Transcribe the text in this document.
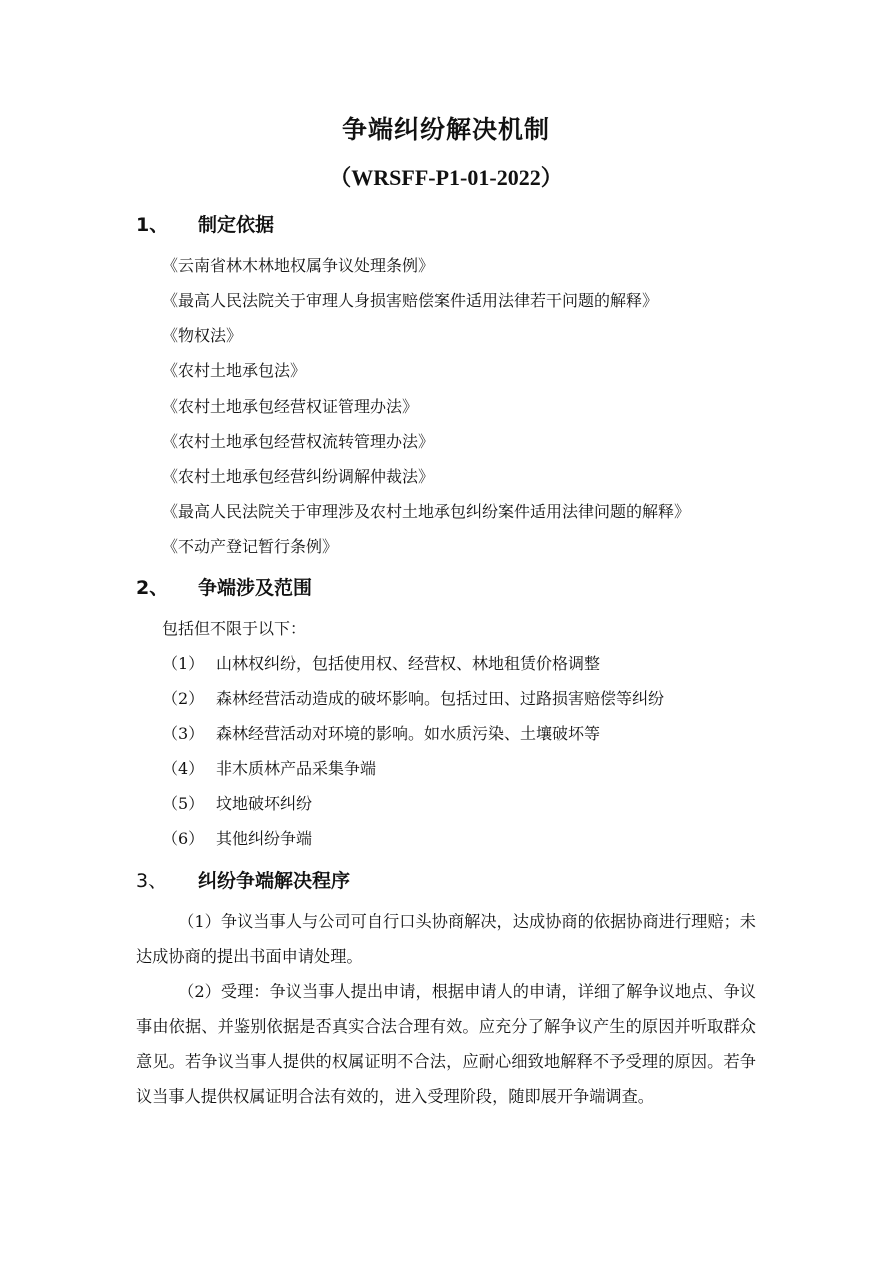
争端纠纷解决机制
（WRSFF-P1-01-2022）
1、 制定依据
《云南省林木林地权属争议处理条例》
《最高人民法院关于审理人身损害赔偿案件适用法律若干问题的解释》
《物权法》
《农村土地承包法》
《农村土地承包经营权证管理办法》
《农村土地承包经营权流转管理办法》
《农村土地承包经营纠纷调解仲裁法》
《最高人民法院关于审理涉及农村土地承包纠纷案件适用法律问题的解释》
《不动产登记暂行条例》
2、 争端涉及范围
包括但不限于以下：
（1） 山林权纠纷，包括使用权、经营权、林地租赁价格调整
（2） 森林经营活动造成的破坏影响。包括过田、过路损害赔偿等纠纷
（3） 森林经营活动对环境的影响。如水质污染、土壤破坏等
（4） 非木质林产品采集争端
（5） 坟地破坏纠纷
（6） 其他纠纷争端
3、 纠纷争端解决程序
（1）争议当事人与公司可自行口头协商解决，达成协商的依据协商进行理赔；未达成协商的提出书面申请处理。
（2）受理：争议当事人提出申请，根据申请人的申请，详细了解争议地点、争议事由依据、并鉴别依据是否真实合法合理有效。应充分了解争议产生的原因并听取群众意见。若争议当事人提供的权属证明不合法，应耐心细致地解释不予受理的原因。若争议当事人提供权属证明合法有效的，进入受理阶段，随即展开争端调查。
